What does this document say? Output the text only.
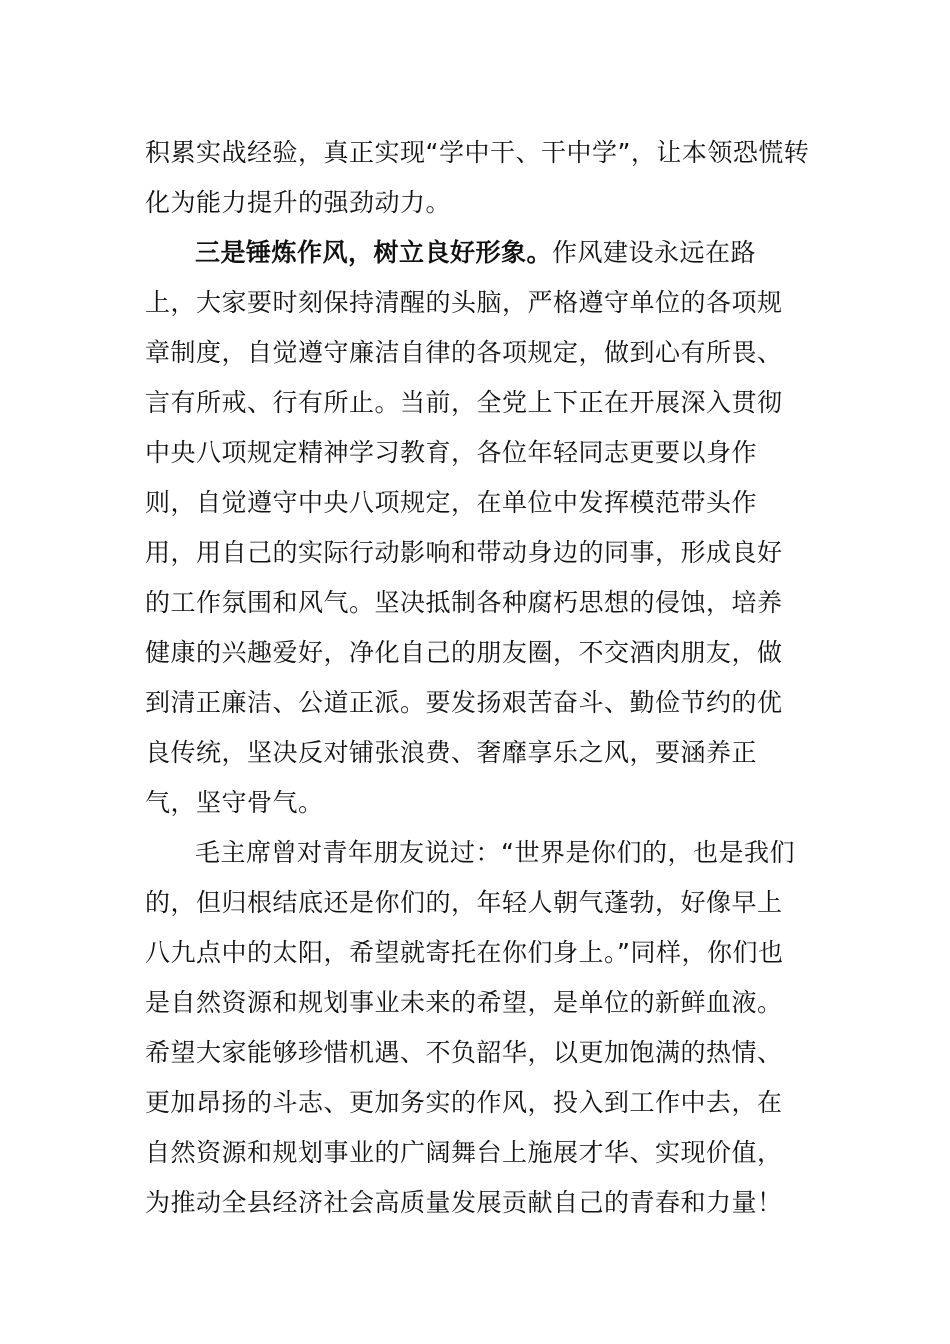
积累实战经验，真正实现“学中干、干中学”，让本领恐慌转
化为能力提升的强劲动力。
三是锤炼作风，树立良好形象。作风建设永远在路
上，大家要时刻保持清醒的头脑，严格遵守单位的各项规
章制度，自觉遵守廉洁自律的各项规定，做到心有所畏、
言有所戒、行有所止。当前，全党上下正在开展深入贯彻
中央八项规定精神学习教育，各位年轻同志更要以身作
则，自觉遵守中央八项规定，在单位中发挥模范带头作
用，用自己的实际行动影响和带动身边的同事，形成良好
的工作氛围和风气。坚决抵制各种腐朽思想的侵蚀，培养
健康的兴趣爱好，净化自己的朋友圈，不交酒肉朋友，做
到清正廉洁、公道正派。要发扬艰苦奋斗、勤俭节约的优
良传统，坚决反对铺张浪费、奢靡享乐之风，要涵养正
气，坚守骨气。
毛主席曾对青年朋友说过：“世界是你们的，也是我们
的，但归根结底还是你们的，年轻人朝气蓬勃，好像早上
八九点中的太阳，希望就寄托在你们身上。”同样，你们也
是自然资源和规划事业未来的希望，是单位的新鲜血液。
希望大家能够珍惜机遇、不负韶华，以更加饱满的热情、
更加昂扬的斗志、更加务实的作风，投入到工作中去，在
自然资源和规划事业的广阔舞台上施展才华、实现价值，
为推动全县经济社会高质量发展贡献自己的青春和力量！
